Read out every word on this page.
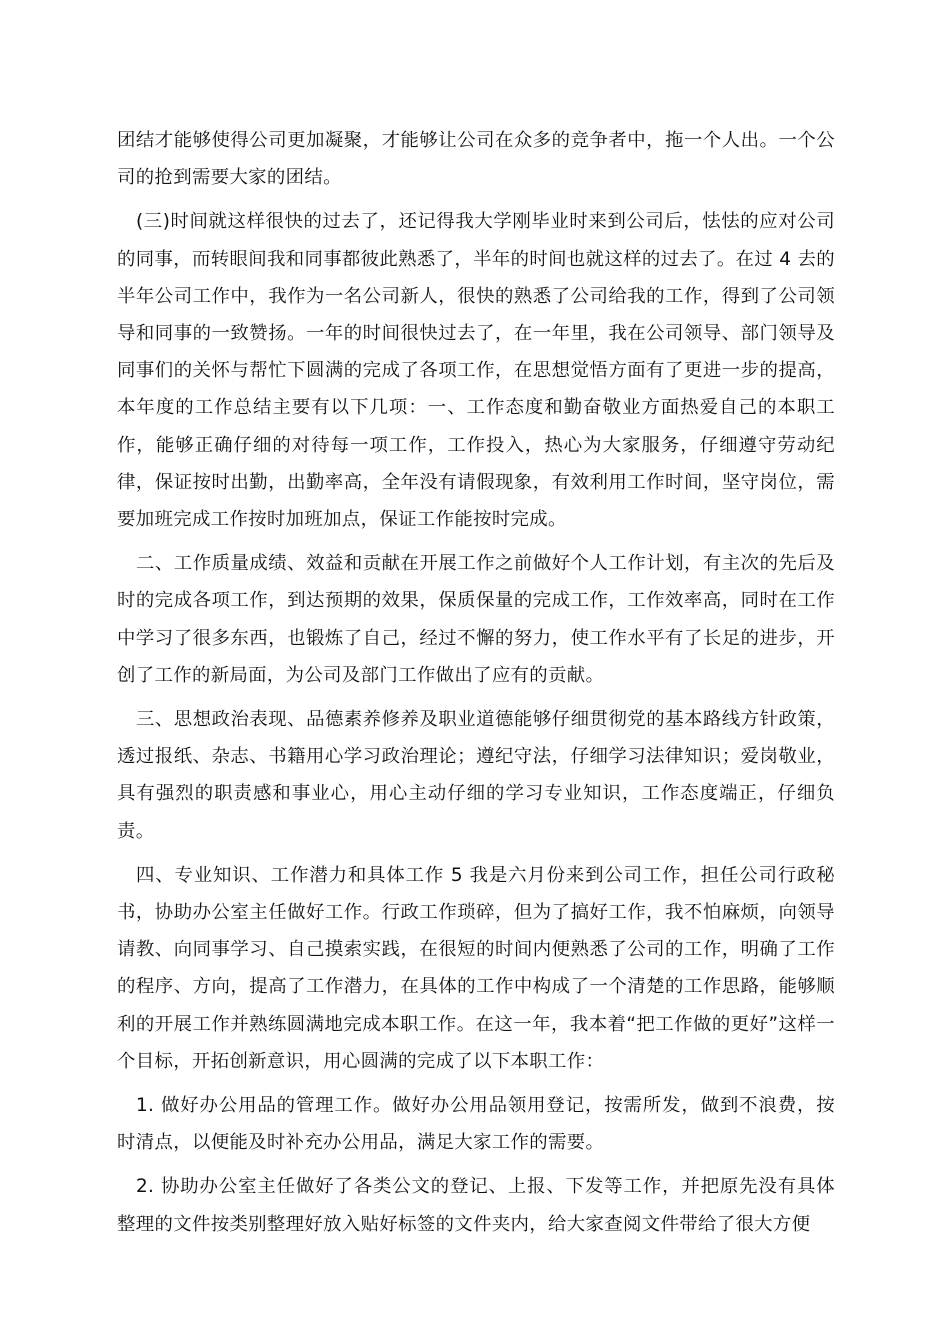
团结才能够使得公司更加凝聚，才能够让公司在众多的竞争者中，拖一个人出。一个公司的抢到需要大家的团结。

(三)时间就这样很快的过去了，还记得我大学刚毕业时来到公司后，怯怯的应对公司的同事，而转眼间我和同事都彼此熟悉了，半年的时间也就这样的过去了。在过 4 去的半年公司工作中，我作为一名公司新人，很快的熟悉了公司给我的工作，得到了公司领导和同事的一致赞扬。一年的时间很快过去了，在一年里，我在公司领导、部门领导及同事们的关怀与帮忙下圆满的完成了各项工作，在思想觉悟方面有了更进一步的提高，本年度的工作总结主要有以下几项：一、工作态度和勤奋敬业方面热爱自己的本职工作，能够正确仔细的对待每一项工作，工作投入，热心为大家服务，仔细遵守劳动纪律，保证按时出勤，出勤率高，全年没有请假现象，有效利用工作时间，坚守岗位，需要加班完成工作按时加班加点，保证工作能按时完成。

二、工作质量成绩、效益和贡献在开展工作之前做好个人工作计划，有主次的先后及时的完成各项工作，到达预期的效果，保质保量的完成工作，工作效率高，同时在工作中学习了很多东西，也锻炼了自己，经过不懈的努力，使工作水平有了长足的进步，开创了工作的新局面，为公司及部门工作做出了应有的贡献。

三、思想政治表现、品德素养修养及职业道德能够仔细贯彻党的基本路线方针政策，透过报纸、杂志、书籍用心学习政治理论；遵纪守法，仔细学习法律知识；爱岗敬业，具有强烈的职责感和事业心，用心主动仔细的学习专业知识，工作态度端正，仔细负责。

四、专业知识、工作潜力和具体工作 5 我是六月份来到公司工作，担任公司行政秘书，协助办公室主任做好工作。行政工作琐碎，但为了搞好工作，我不怕麻烦，向领导请教、向同事学习、自己摸索实践，在很短的时间内便熟悉了公司的工作，明确了工作的程序、方向，提高了工作潜力，在具体的工作中构成了一个清楚的工作思路，能够顺利的开展工作并熟练圆满地完成本职工作。在这一年，我本着“把工作做的更好”这样一个目标，开拓创新意识，用心圆满的完成了以下本职工作：

1. 做好办公用品的管理工作。做好办公用品领用登记，按需所发，做到不浪费，按时清点，以便能及时补充办公用品，满足大家工作的需要。

2. 协助办公室主任做好了各类公文的登记、上报、下发等工作，并把原先没有具体整理的文件按类别整理好放入贴好标签的文件夹内，给大家查阅文件带给了很大方便
